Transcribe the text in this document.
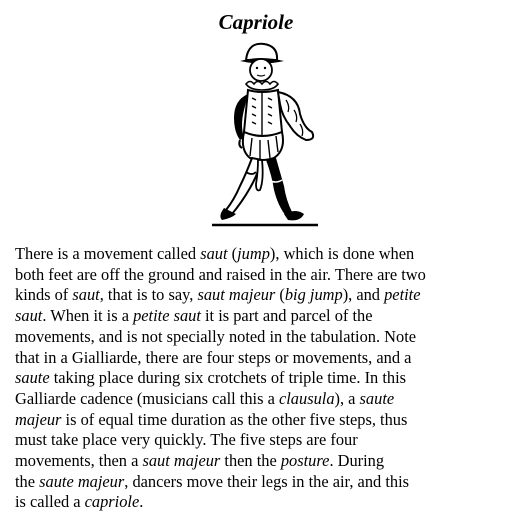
Capriole

There is a movement called saut (jump), which is done when
both feet are off the ground and raised in the air. There are two
kinds of saut, that is to say, saut majeur (big jump), and petite
saut. When it is a petite saut it is part and parcel of the
movements, and is not specially noted in the tabulation. Note
that in a Gialliarde, there are four steps or movements, and a
saute taking place during six crotchets of triple time. In this
Galliarde cadence (musicians call this a clausula), a saute
majeur is of equal time duration as the other five steps, thus
must take place very quickly. The five steps are four
movements, then a saut majeur then the posture. During
the saute majeur, dancers move their legs in the air, and this
is called a capriole.
